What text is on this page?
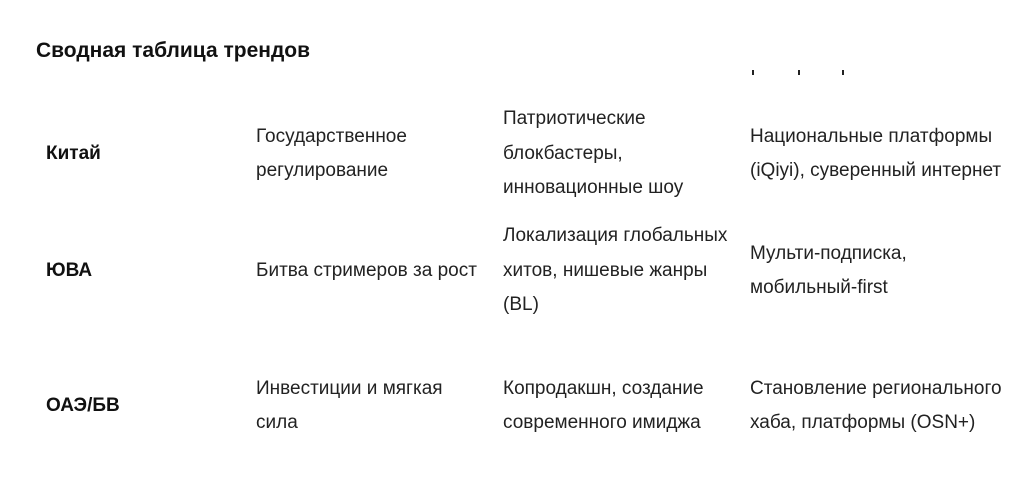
Сводная таблица трендов
Китай
Государственное регулирование
Патриотические блокбастеры, инновационные шоу
Национальные платформы (iQiyi), суверенный интернет
ЮВА	Битва стримеров за рост
Локализация глобальных хитов, нишевые жанры (BL)
Мульти-подписка, мобильный-first
ОАЭ/БВ
Инвестиции и мягкая сила
Копродакшн, создание современного имиджа
Становление регионального хаба, платформы (OSN+)
